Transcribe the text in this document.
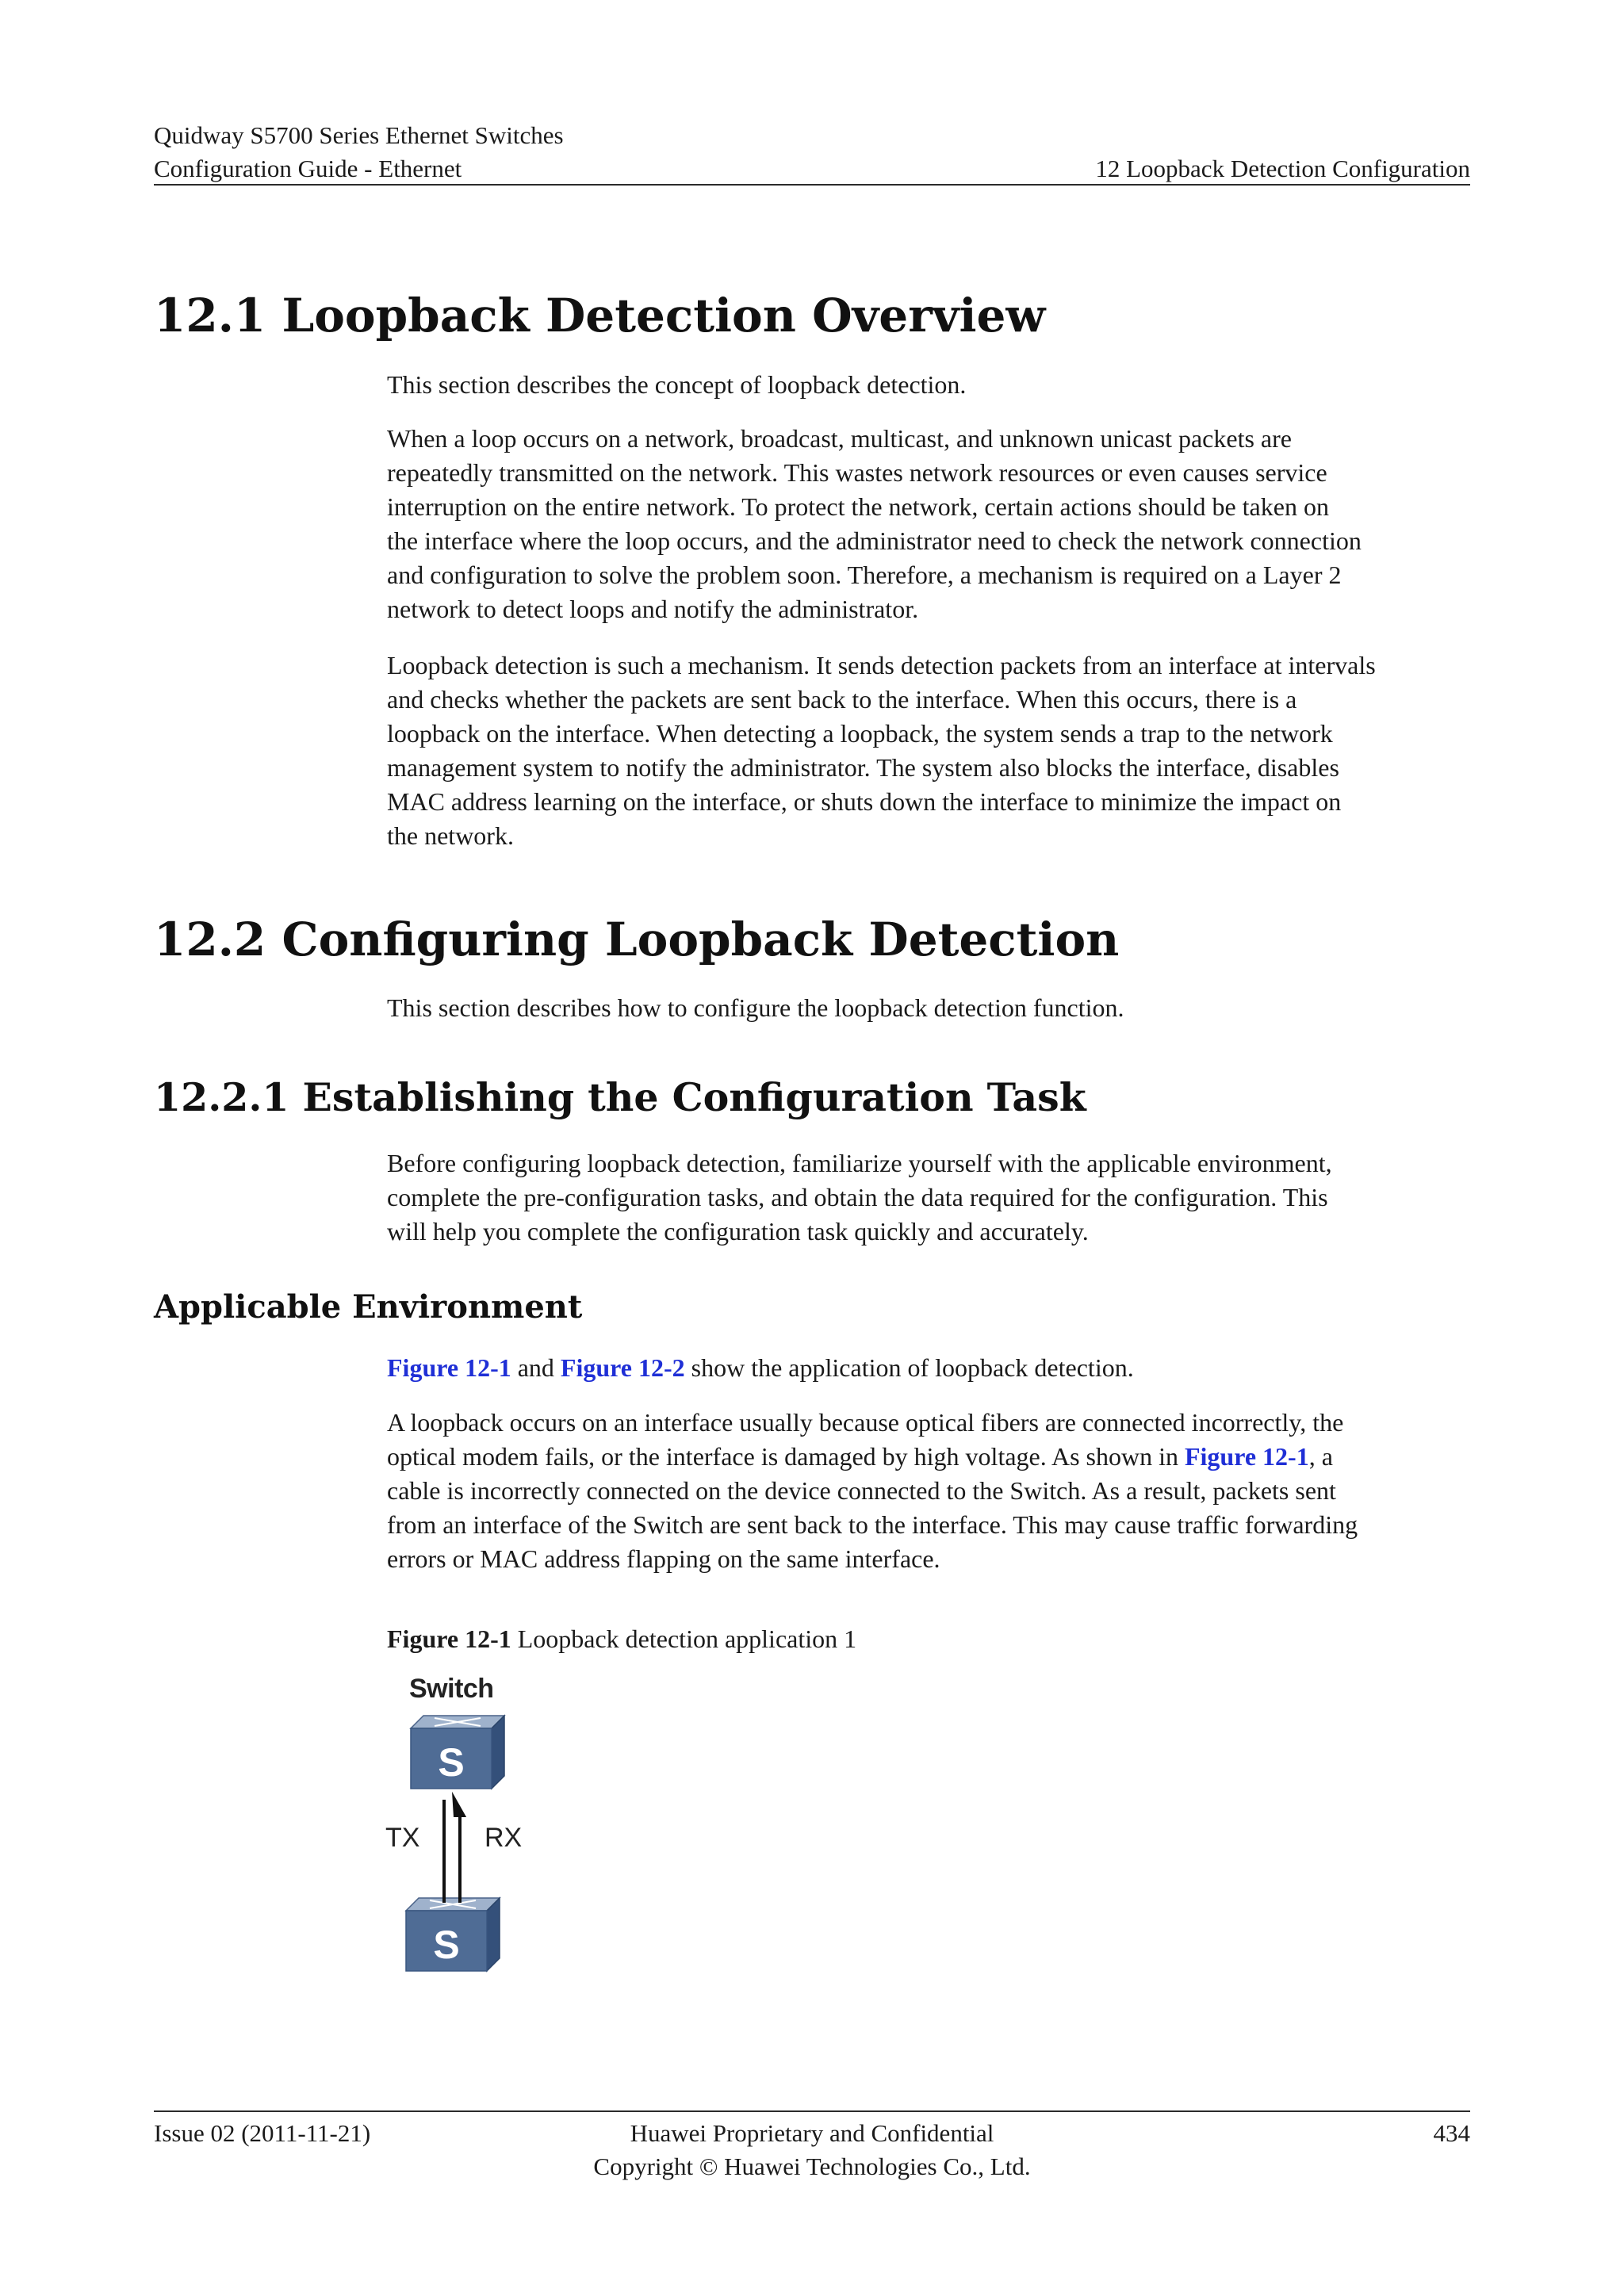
Quidway S5700 Series Ethernet Switches
Configuration Guide - Ethernet	12 Loopback Detection Configuration
12.1 Loopback Detection Overview

This section describes the concept of loopback detection.

When a loop occurs on a network, broadcast, multicast, and unknown unicast packets are
repeatedly transmitted on the network. This wastes network resources or even causes service
interruption on the entire network. To protect the network, certain actions should be taken on
the interface where the loop occurs, and the administrator need to check the network connection
and configuration to solve the problem soon. Therefore, a mechanism is required on a Layer 2
network to detect loops and notify the administrator.

Loopback detection is such a mechanism. It sends detection packets from an interface at intervals
and checks whether the packets are sent back to the interface. When this occurs, there is a
loopback on the interface. When detecting a loopback, the system sends a trap to the network
management system to notify the administrator. The system also blocks the interface, disables
MAC address learning on the interface, or shuts down the interface to minimize the impact on
the network.

12.2 Configuring Loopback Detection

This section describes how to configure the loopback detection function.

12.2.1 Establishing the Configuration Task

Before configuring loopback detection, familiarize yourself with the applicable environment,
complete the pre-configuration tasks, and obtain the data required for the configuration. This
will help you complete the configuration task quickly and accurately.

Applicable Environment

Figure 12-1 and Figure 12-2 show the application of loopback detection.

A loopback occurs on an interface usually because optical fibers are connected incorrectly, the
optical modem fails, or the interface is damaged by high voltage. As shown in Figure 12-1, a
cable is incorrectly connected on the device connected to the Switch. As a result, packets sent
from an interface of the Switch are sent back to the interface. This may cause traffic forwarding
errors or MAC address flapping on the same interface.

Figure 12-1 Loopback detection application 1
Switch
S
S
TX RX
Issue 02 (2011-11-21)	Huawei Proprietary and Confidential
Copyright © Huawei Technologies Co., Ltd.
434
